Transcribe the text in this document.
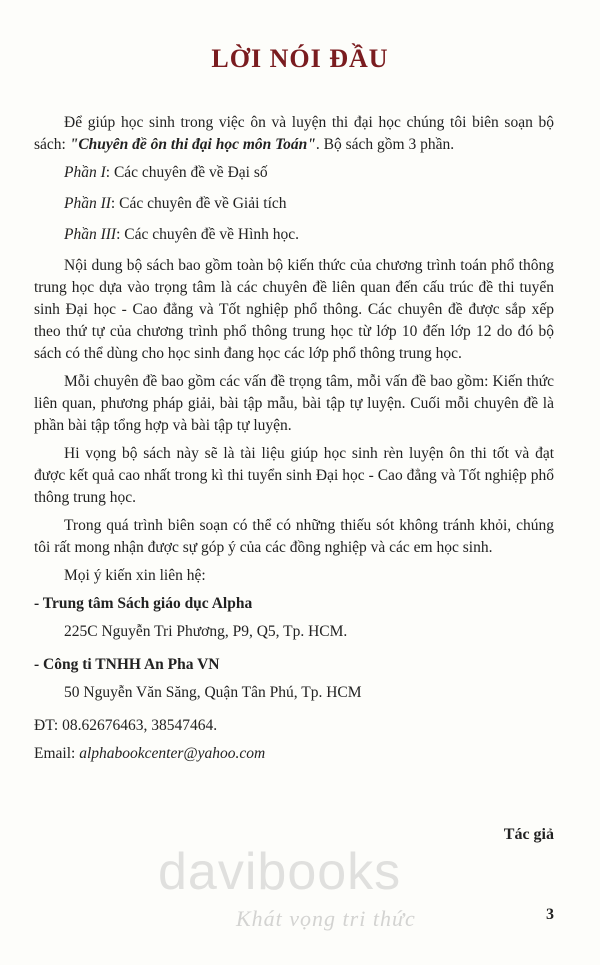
LỜI NÓI ĐẦU

Để giúp học sinh trong việc ôn và luyện thi đại học chúng tôi biên soạn bộ sách: "Chuyên đề ôn thi đại học môn Toán". Bộ sách gồm 3 phần.

Phần I: Các chuyên đề về Đại số

Phần II: Các chuyên đề về Giải tích

Phần III: Các chuyên đề về Hình học.

Nội dung bộ sách bao gồm toàn bộ kiến thức của chương trình toán phổ thông trung học dựa vào trọng tâm là các chuyên đề liên quan đến cấu trúc đề thi tuyển sinh Đại học - Cao đẳng và Tốt nghiệp phổ thông. Các chuyên đề được sắp xếp theo thứ tự của chương trình phổ thông trung học từ lớp 10 đến lớp 12 do đó bộ sách có thể dùng cho học sinh đang học các lớp phổ thông trung học.

Mỗi chuyên đề bao gồm các vấn đề trọng tâm, mỗi vấn đề bao gồm: Kiến thức liên quan, phương pháp giải, bài tập mẫu, bài tập tự luyện. Cuối mỗi chuyên đề là phần bài tập tổng hợp và bài tập tự luyện.

Hi vọng bộ sách này sẽ là tài liệu giúp học sinh rèn luyện ôn thi tốt và đạt được kết quả cao nhất trong kì thi tuyển sinh Đại học - Cao đẳng và Tốt nghiệp phổ thông trung học.

Trong quá trình biên soạn có thể có những thiếu sót không tránh khỏi, chúng tôi rất mong nhận được sự góp ý của các đồng nghiệp và các em học sinh.

Mọi ý kiến xin liên hệ:

- Trung tâm Sách giáo dục Alpha

225C Nguyễn Tri Phương, P9, Q5, Tp. HCM.

- Công ti TNHH An Pha VN

50 Nguyễn Văn Săng, Quận Tân Phú, Tp. HCM

ĐT: 08.62676463, 38547464.

Email: alphabookcenter@yahoo.com

Tác giả
davibooks
Khát vọng tri thức	3
